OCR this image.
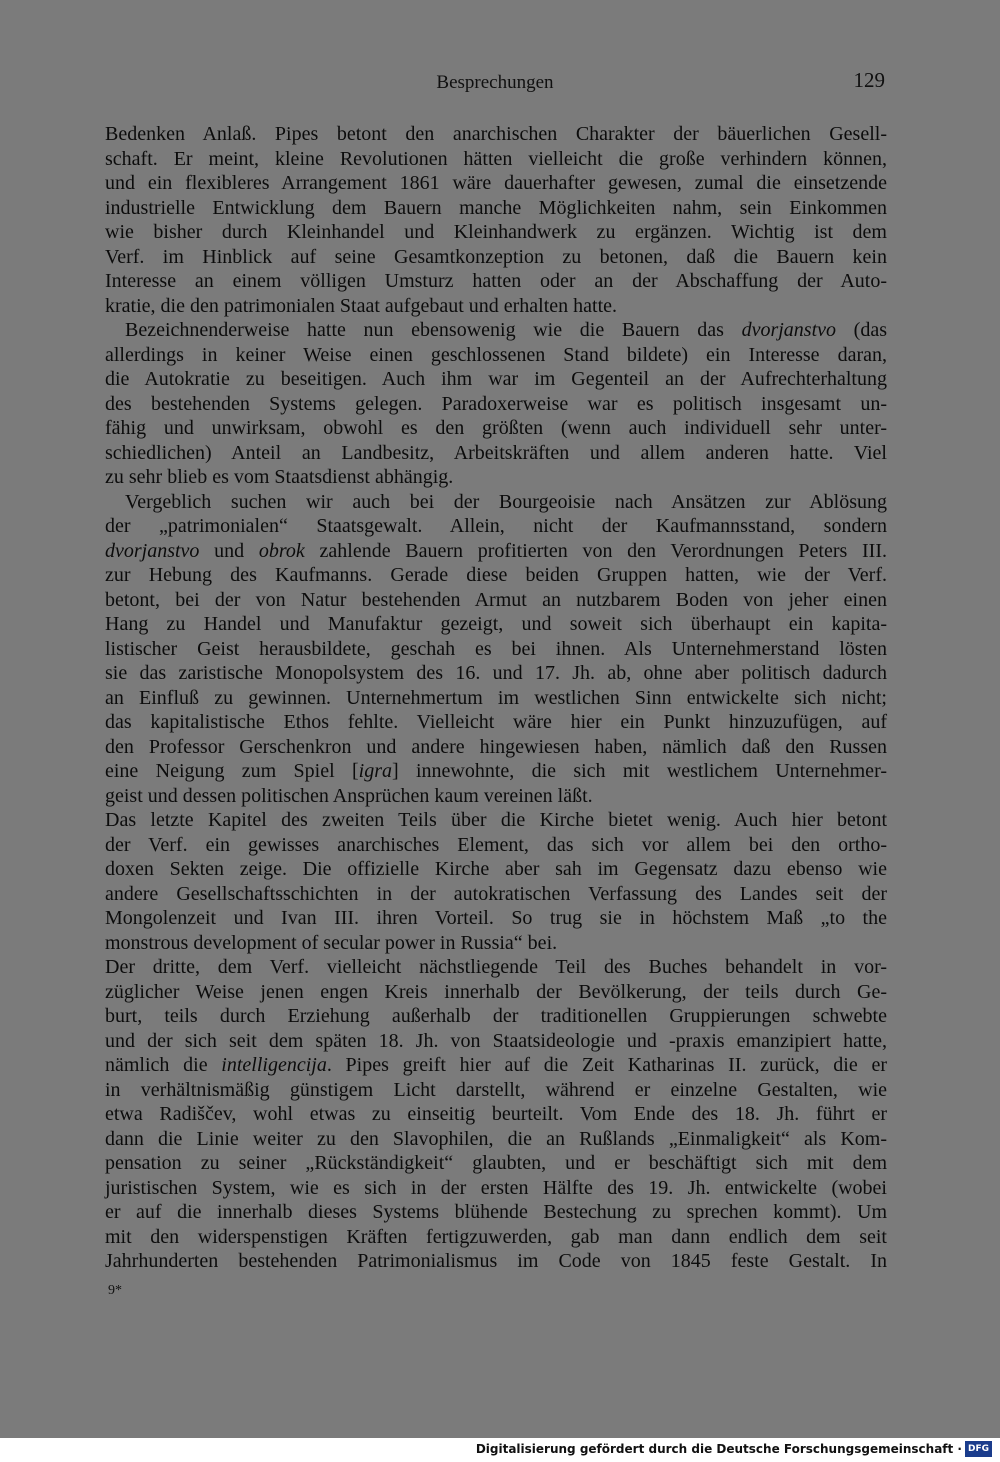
Besprechungen	129

Bedenken Anlaß. Pipes betont den anarchischen Charakter der bäuerlichen Gesell-
schaft. Er meint, kleine Revolutionen hätten vielleicht die große verhindern können,
und ein flexibleres Arrangement 1861 wäre dauerhafter gewesen, zumal die einsetzende
industrielle Entwicklung dem Bauern manche Möglichkeiten nahm, sein Einkommen
wie bisher durch Kleinhandel und Kleinhandwerk zu ergänzen. Wichtig ist dem
Verf. im Hinblick auf seine Gesamtkonzeption zu betonen, daß die Bauern kein
Interesse an einem völligen Umsturz hatten oder an der Abschaffung der Auto-
kratie, die den patrimonialen Staat aufgebaut und erhalten hatte.

Bezeichnenderweise hatte nun ebensowenig wie die Bauern das dvorjanstvo (das
allerdings in keiner Weise einen geschlossenen Stand bildete) ein Interesse daran,
die Autokratie zu beseitigen. Auch ihm war im Gegenteil an der Aufrechterhaltung
des bestehenden Systems gelegen. Paradoxerweise war es politisch insgesamt un-
fähig und unwirksam, obwohl es den größten (wenn auch individuell sehr unter-
schiedlichen) Anteil an Landbesitz, Arbeitskräften und allem anderen hatte. Viel
zu sehr blieb es vom Staatsdienst abhängig.

Vergeblich suchen wir auch bei der Bourgeoisie nach Ansätzen zur Ablösung
der „patrimonialen“ Staatsgewalt. Allein, nicht der Kaufmannsstand, sondern
dvorjanstvo und obrok zahlende Bauern profitierten von den Verordnungen Peters III.
zur Hebung des Kaufmanns. Gerade diese beiden Gruppen hatten, wie der Verf.
betont, bei der von Natur bestehenden Armut an nutzbarem Boden von jeher einen
Hang zu Handel und Manufaktur gezeigt, und soweit sich überhaupt ein kapita-
listischer Geist herausbildete, geschah es bei ihnen. Als Unternehmerstand lösten
sie das zaristische Monopolsystem des 16. und 17. Jh. ab, ohne aber politisch dadurch
an Einfluß zu gewinnen. Unternehmertum im westlichen Sinn entwickelte sich nicht;
das kapitalistische Ethos fehlte. Vielleicht wäre hier ein Punkt hinzuzufügen, auf
den Professor Gerschenkron und andere hingewiesen haben, nämlich daß den Russen
eine Neigung zum Spiel [igra] innewohnte, die sich mit westlichem Unternehmer-
geist und dessen politischen Ansprüchen kaum vereinen läßt.

Das letzte Kapitel des zweiten Teils über die Kirche bietet wenig. Auch hier betont
der Verf. ein gewisses anarchisches Element, das sich vor allem bei den ortho-
doxen Sekten zeige. Die offizielle Kirche aber sah im Gegensatz dazu ebenso wie
andere Gesellschaftsschichten in der autokratischen Verfassung des Landes seit der
Mongolenzeit und Ivan III. ihren Vorteil. So trug sie in höchstem Maß „to the
monstrous development of secular power in Russia“ bei.

Der dritte, dem Verf. vielleicht nächstliegende Teil des Buches behandelt in vor-
züglicher Weise jenen engen Kreis innerhalb der Bevölkerung, der teils durch Ge-
burt, teils durch Erziehung außerhalb der traditionellen Gruppierungen schwebte
und der sich seit dem späten 18. Jh. von Staatsideologie und -praxis emanzipiert hatte,
nämlich die intelligencija. Pipes greift hier auf die Zeit Katharinas II. zurück, die er
in verhältnismäßig günstigem Licht darstellt, während er einzelne Gestalten, wie
etwa Radiščev, wohl etwas zu einseitig beurteilt. Vom Ende des 18. Jh. führt er
dann die Linie weiter zu den Slavophilen, die an Rußlands „Einmaligkeit“ als Kom-
pensation zu seiner „Rückständigkeit“ glaubten, und er beschäftigt sich mit dem
juristischen System, wie es sich in der ersten Hälfte des 19. Jh. entwickelte (wobei
er auf die innerhalb dieses Systems blühende Bestechung zu sprechen kommt). Um
mit den widerspenstigen Kräften fertigzuwerden, gab man dann endlich dem seit
Jahrhunderten bestehenden Patrimonialismus im Code von 1845 feste Gestalt. In

9*
Digitalisierung gefördert durch die Deutsche Forschungsgemeinschaft · DFG
